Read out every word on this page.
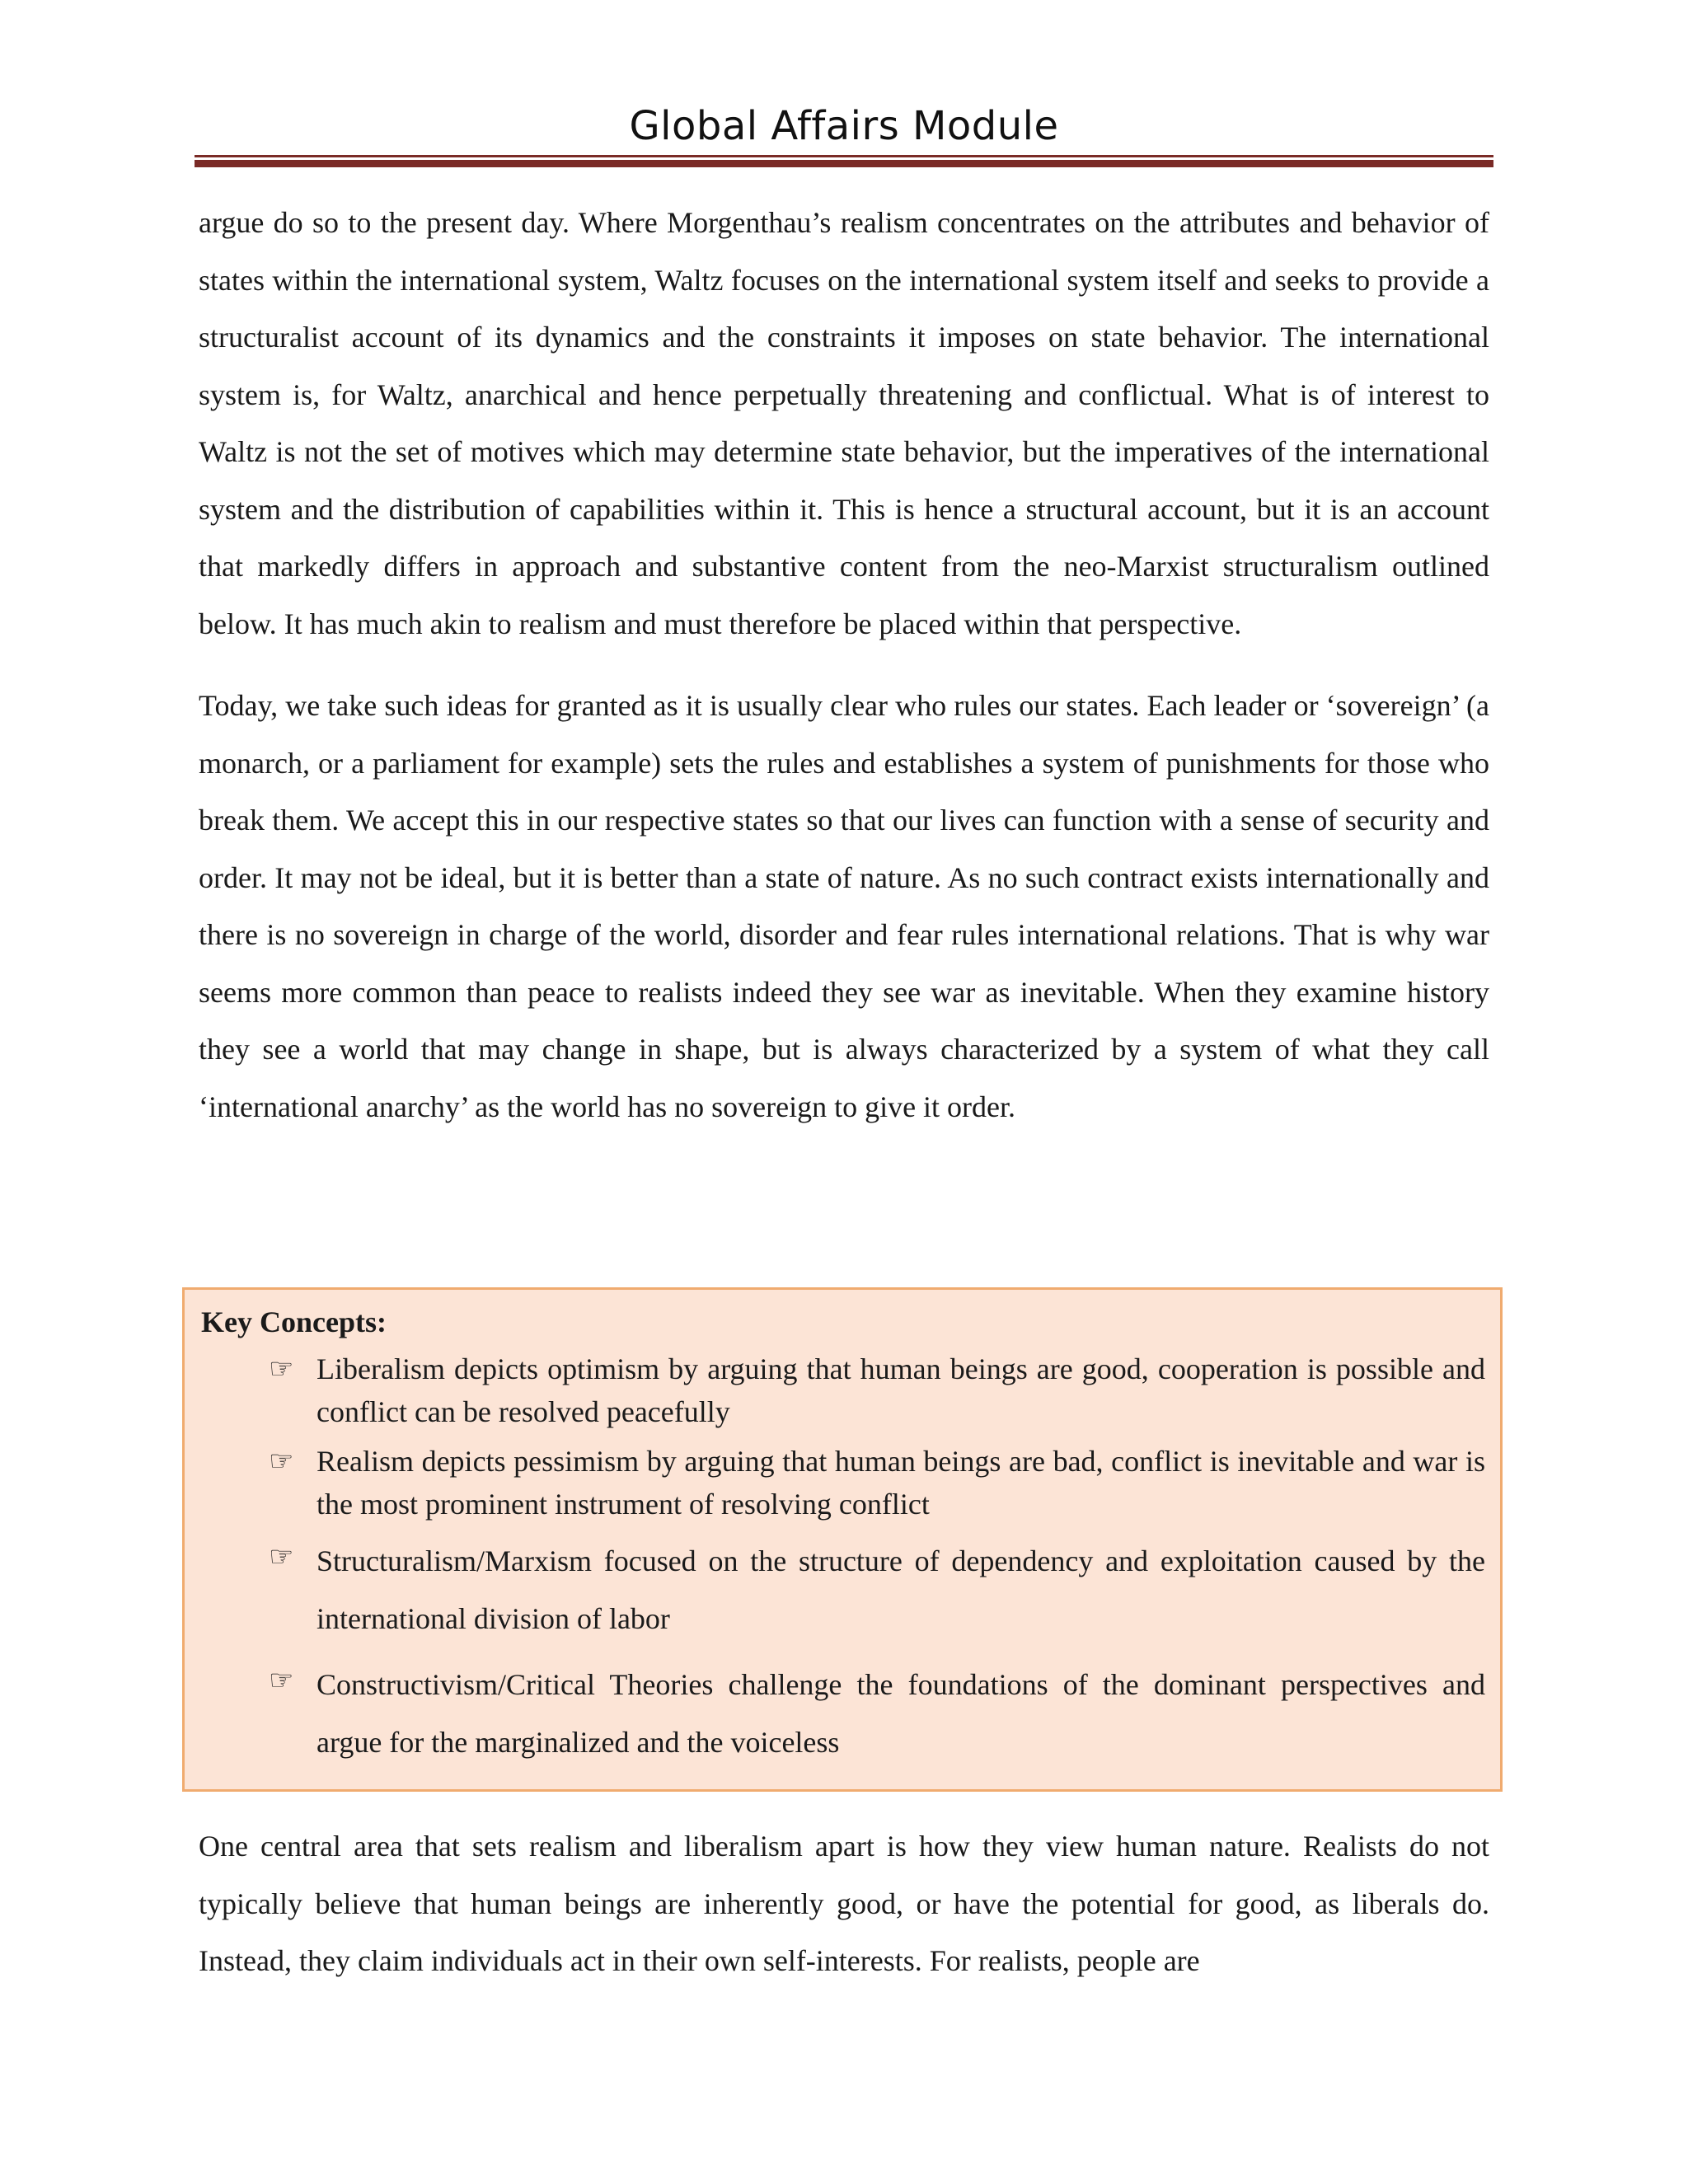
Global Affairs Module

argue do so to the present day. Where Morgenthau’s realism concentrates on the attributes and behavior of states within the international system, Waltz focuses on the international system itself and seeks to provide a structuralist account of its dynamics and the constraints it imposes on state behavior. The international system is, for Waltz, anarchical and hence perpetually threatening and conflictual. What is of interest to Waltz is not the set of motives which may determine state behavior, but the imperatives of the international system and the distribution of capabilities within it. This is hence a structural account, but it is an account that markedly differs in approach and substantive content from the neo-Marxist structuralism outlined below. It has much akin to realism and must therefore be placed within that perspective.

Today, we take such ideas for granted as it is usually clear who rules our states. Each leader or ‘sovereign’ (a monarch, or a parliament for example) sets the rules and establishes a system of punishments for those who break them. We accept this in our respective states so that our lives can function with a sense of security and order. It may not be ideal, but it is better than a state of nature. As no such contract exists internationally and there is no sovereign in charge of the world, disorder and fear rules international relations. That is why war seems more common than peace to realists indeed they see war as inevitable. When they examine history they see a world that may change in shape, but is always characterized by a system of what they call ‘international anarchy’ as the world has no sovereign to give it order.

Key Concepts:
☞ Liberalism depicts optimism by arguing that human beings are good, cooperation is possible and conflict can be resolved peacefully
☞ Realism depicts pessimism by arguing that human beings are bad, conflict is inevitable and war is the most prominent instrument of resolving conflict
☞ Structuralism/Marxism focused on the structure of dependency and exploitation caused by the international division of labor
☞ Constructivism/Critical Theories challenge the foundations of the dominant perspectives and argue for the marginalized and the voiceless

One central area that sets realism and liberalism apart is how they view human nature. Realists do not typically believe that human beings are inherently good, or have the potential for good, as liberals do. Instead, they claim individuals act in their own self-interests. For realists, people are
